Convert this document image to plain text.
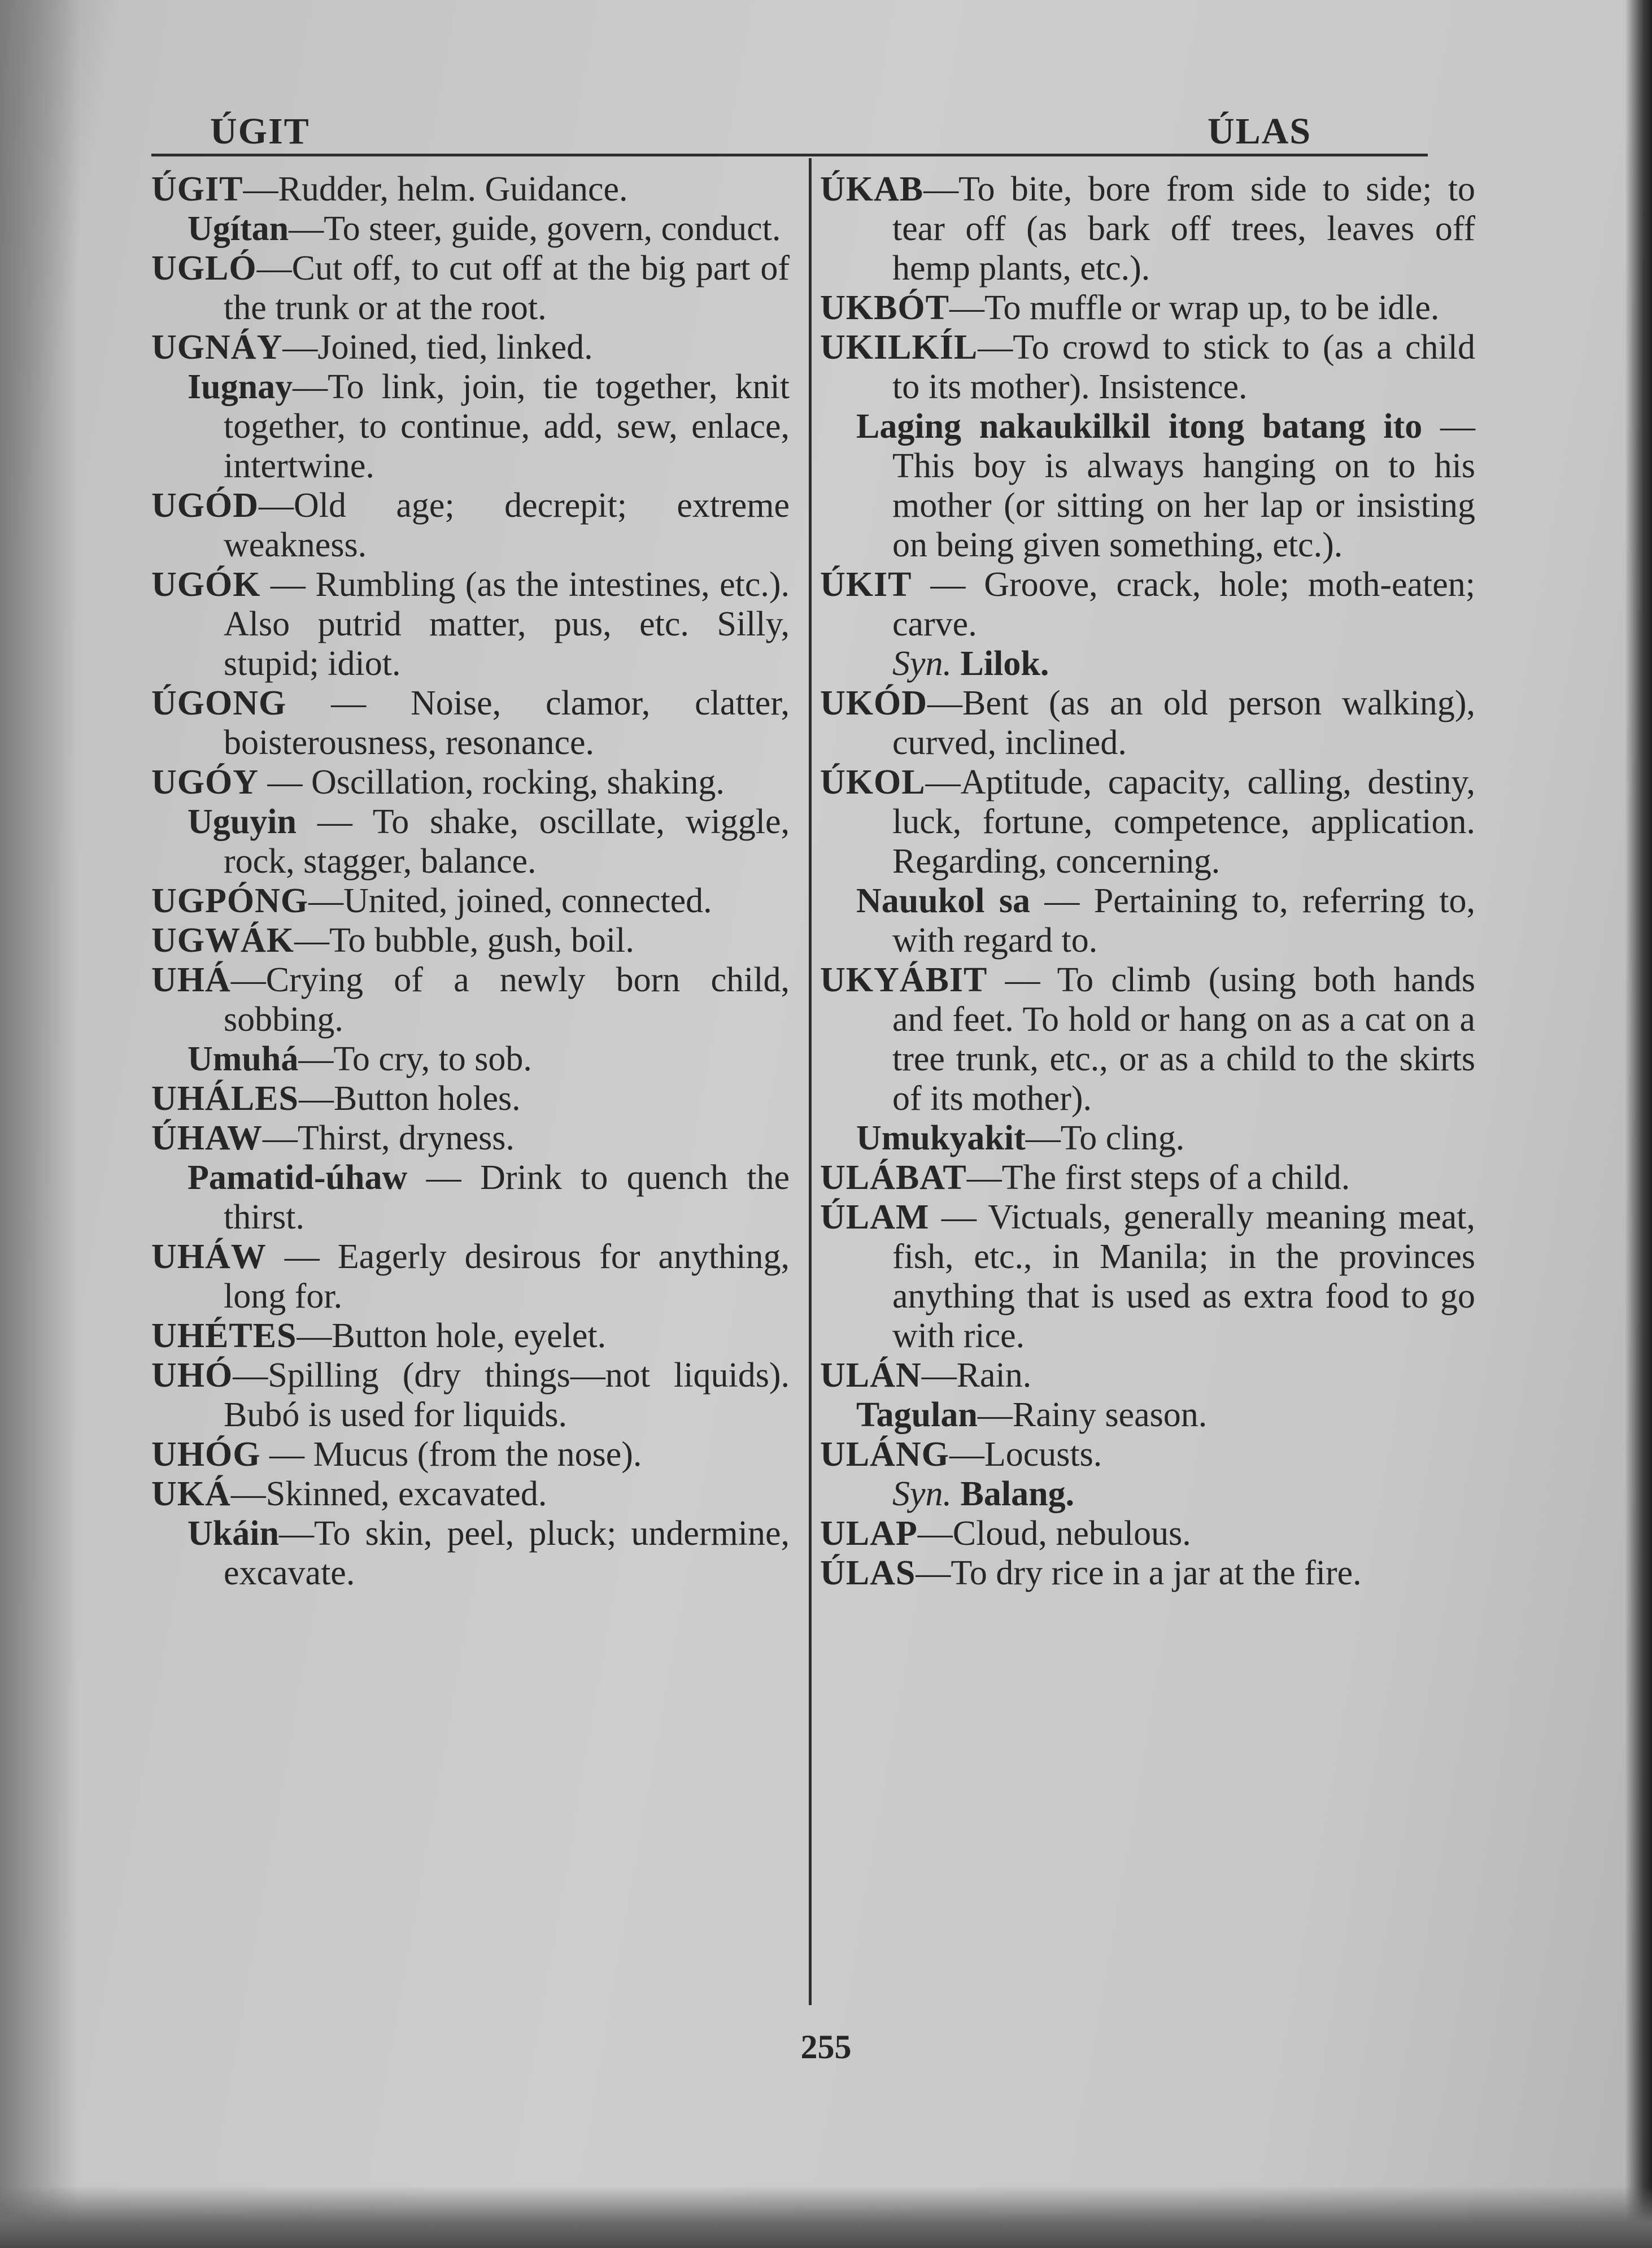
ÚGIT	ÚLAS

ÚGIT—Rudder, helm. Guidance.

Ugítan—To steer, guide, govern, conduct.

UGLÓ—Cut off, to cut off at the big part of the trunk or at the root.

UGNÁY—Joined, tied, linked.

Iugnay—To link, join, tie together, knit together, to continue, add, sew, enlace, intertwine.

UGÓD—Old age; decrepit; extreme weakness.

UGÓK — Rumbling (as the intestines, etc.). Also putrid matter, pus, etc. Silly, stupid; idiot.

ÚGONG — Noise, clamor, clatter, boisterousness, resonance.

UGÓY — Oscillation, rocking, shaking.

Uguyin — To shake, oscillate, wiggle, rock, stagger, balance.

UGPÓNG—United, joined, connected.

UGWÁK—To bubble, gush, boil.

UHÁ—Crying of a newly born child, sobbing.

Umuhá—To cry, to sob.

UHÁLES—Button holes.

ÚHAW—Thirst, dryness.

Pamatid-úhaw — Drink to quench the thirst.

UHÁW — Eagerly desirous for anything, long for.

UHÉTES—Button hole, eyelet.

UHÓ—Spilling (dry things—not liquids). Bubó is used for liquids.

UHÓG — Mucus (from the nose).

UKÁ—Skinned, excavated.

Ukáin—To skin, peel, pluck; undermine, excavate.

ÚKAB—To bite, bore from side to side; to tear off (as bark off trees, leaves off hemp plants, etc.).

UKBÓT—To muffle or wrap up, to be idle.

UKILKÍL—To crowd to stick to (as a child to its mother). Insistence.

Laging nakaukilkil itong batang ito — This boy is always hanging on to his mother (or sitting on her lap or insisting on being given something, etc.).

ÚKIT — Groove, crack, hole; moth-eaten; carve.

Syn. Lilok.

UKÓD—Bent (as an old person walking), curved, inclined.

ÚKOL—Aptitude, capacity, calling, destiny, luck, fortune, competence, application. Regarding, concerning.

Nauukol sa — Pertaining to, referring to, with regard to.

UKYÁBIT — To climb (using both hands and feet. To hold or hang on as a cat on a tree trunk, etc., or as a child to the skirts of its mother).

Umukyakit—To cling.

ULÁBAT—The first steps of a child.

ÚLAM — Victuals, generally meaning meat, fish, etc., in Manila; in the provinces anything that is used as extra food to go with rice.

ULÁN—Rain.

Tagulan—Rainy season.

ULÁNG—Locusts.

Syn. Balang.

ULAP—Cloud, nebulous.

ÚLAS—To dry rice in a jar at the fire.

255
